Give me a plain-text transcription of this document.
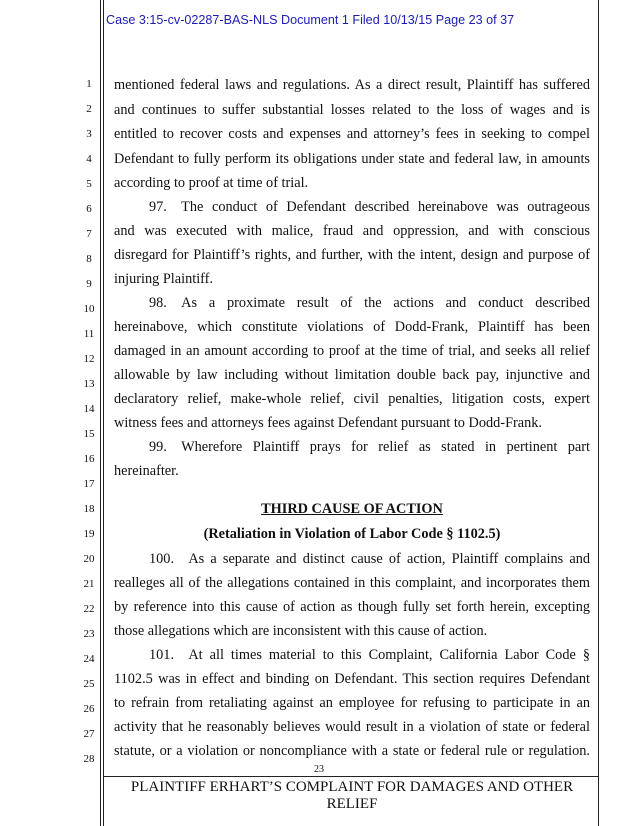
Case 3:15-cv-02287-BAS-NLS Document 1 Filed 10/13/15 Page 23 of 37
1
2
3
4
5
6
7
8
9
10
11
12
13
14
15
16
17
18
19
20
21
22
23
24
25
26
27
28
mentioned federal laws and regulations. As a direct result, Plaintiff has suffered
and continues to suffer substantial losses related to the loss of wages and is
entitled to recover costs and expenses and attorney’s fees in seeking to compel
Defendant to fully perform its obligations under state and federal law, in amounts
according to proof at time of trial.
97. The conduct of Defendant described hereinabove was outrageous
and was executed with malice, fraud and oppression, and with conscious
disregard for Plaintiff’s rights, and further, with the intent, design and purpose of
injuring Plaintiff.
98. As a proximate result of the actions and conduct described
hereinabove, which constitute violations of Dodd-Frank, Plaintiff has been
damaged in an amount according to proof at the time of trial, and seeks all relief
allowable by law including without limitation double back pay, injunctive and
declaratory relief, make-whole relief, civil penalties, litigation costs, expert
witness fees and attorneys fees against Defendant pursuant to Dodd-Frank.
99. Wherefore Plaintiff prays for relief as stated in pertinent part
hereinafter.
THIRD CAUSE OF ACTION
(Retaliation in Violation of Labor Code § 1102.5)
100. As a separate and distinct cause of action, Plaintiff complains and
realleges all of the allegations contained in this complaint, and incorporates them
by reference into this cause of action as though fully set forth herein, excepting
those allegations which are inconsistent with this cause of action.
101. At all times material to this Complaint, California Labor Code §
1102.5 was in effect and binding on Defendant. This section requires Defendant
to refrain from retaliating against an employee for refusing to participate in an
activity that he reasonably believes would result in a violation of state or federal
statute, or a violation or noncompliance with a state or federal rule or regulation.
23
PLAINTIFF ERHART’S COMPLAINT FOR DAMAGES AND OTHER
RELIEF
